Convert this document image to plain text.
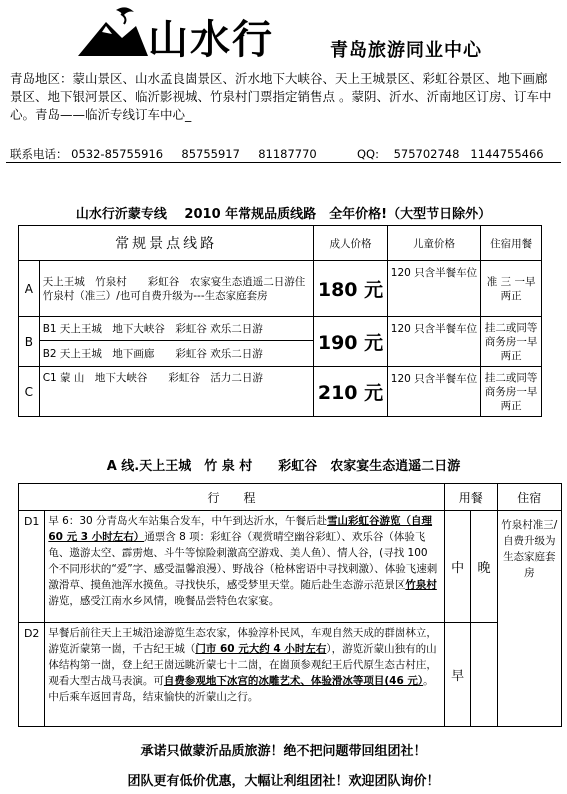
山水行	青岛旅游同业中心
青岛地区：蒙山景区、山水孟良崮景区、沂水地下大峡谷、天上王城景区、彩虹谷景区、地下画廊景区、地下银河景区、临沂影视城、竹泉村门票指定销售点 。蒙阴、沂水、沂南地区订房、订车中心。青岛——临沂专线订车中心_
联系电话： 0532-85755916 85755917 81187770	QQ: 575702748 1144755466
山水行沂蒙专线　 2010 年常规品质线路　全年价格!（大型节日除外）
常规景点线路		成人价格	儿童价格	住宿用餐
A	天上王城　竹泉村　　彩虹谷　农家宴生态逍遥二日游住竹泉村（准三）/也可自费升级为---生态家庭套房	180 元	120 只含半餐车位	准 三 一早两正
B	B1 天上王城　地下大峡谷　彩虹谷 欢乐二日游	190 元	120 只含半餐车位	挂二或同等商务房一早两正
	B2 天上王城　地下画廊　　彩虹谷 欢乐二日游			
C	C1 蒙 山　地下大峡谷　　彩虹谷　活力二日游	210 元	120 只含半餐车位	挂二或同等商务房一早两正
A 线.天上王城　竹 泉 村　　彩虹谷　农家宴生态逍遥二日游
行　　程		用餐		住宿
D1	早 6：30 分青岛火车站集合发车，中午到达沂水，午餐后赴雪山彩虹谷游览（自理 60 元 3 小时左右）通票含 8 项：彩虹谷（观赏晴空幽谷彩虹）、欢乐谷（体验飞龟、遨游太空、霹雳炮、斗牛等惊险刺激高空游戏、美人鱼）、情人谷，(寻找 100 个不同形状的“爱”字、感受温馨浪漫）、野战谷（枪林密语中寻找刺激）、体验飞速刺激滑草、摸鱼池浑水摸鱼。寻找快乐，感受梦里天堂。随后赴生态游示范景区竹泉村游览，感受江南水乡风情，晚餐品尝特色农家宴。	中	晚	竹泉村准三/自费升级为生态家庭套房
D2	早餐后前往天上王城沿途游览生态农家，体验淳朴民风，车观自然天成的群崮林立，游览沂蒙第一崮，千古纪王城（门市 60 元大约 4 小时左右），游览沂蒙山独有的山体结构第一崮，登上纪王崮远眺沂蒙七十二崮，在崮顶参观纪王后代原生态古村庄，观看大型古战马表演。可自费参观地下冰宫的冰雕艺术、体验滑冰等项目(46 元）。中后乘车返回青岛，结束愉快的沂蒙山之行。	早		
承诺只做蒙沂品质旅游！绝不把问题带回组团社！
团队更有低价优惠，大幅让利组团社！欢迎团队询价！
